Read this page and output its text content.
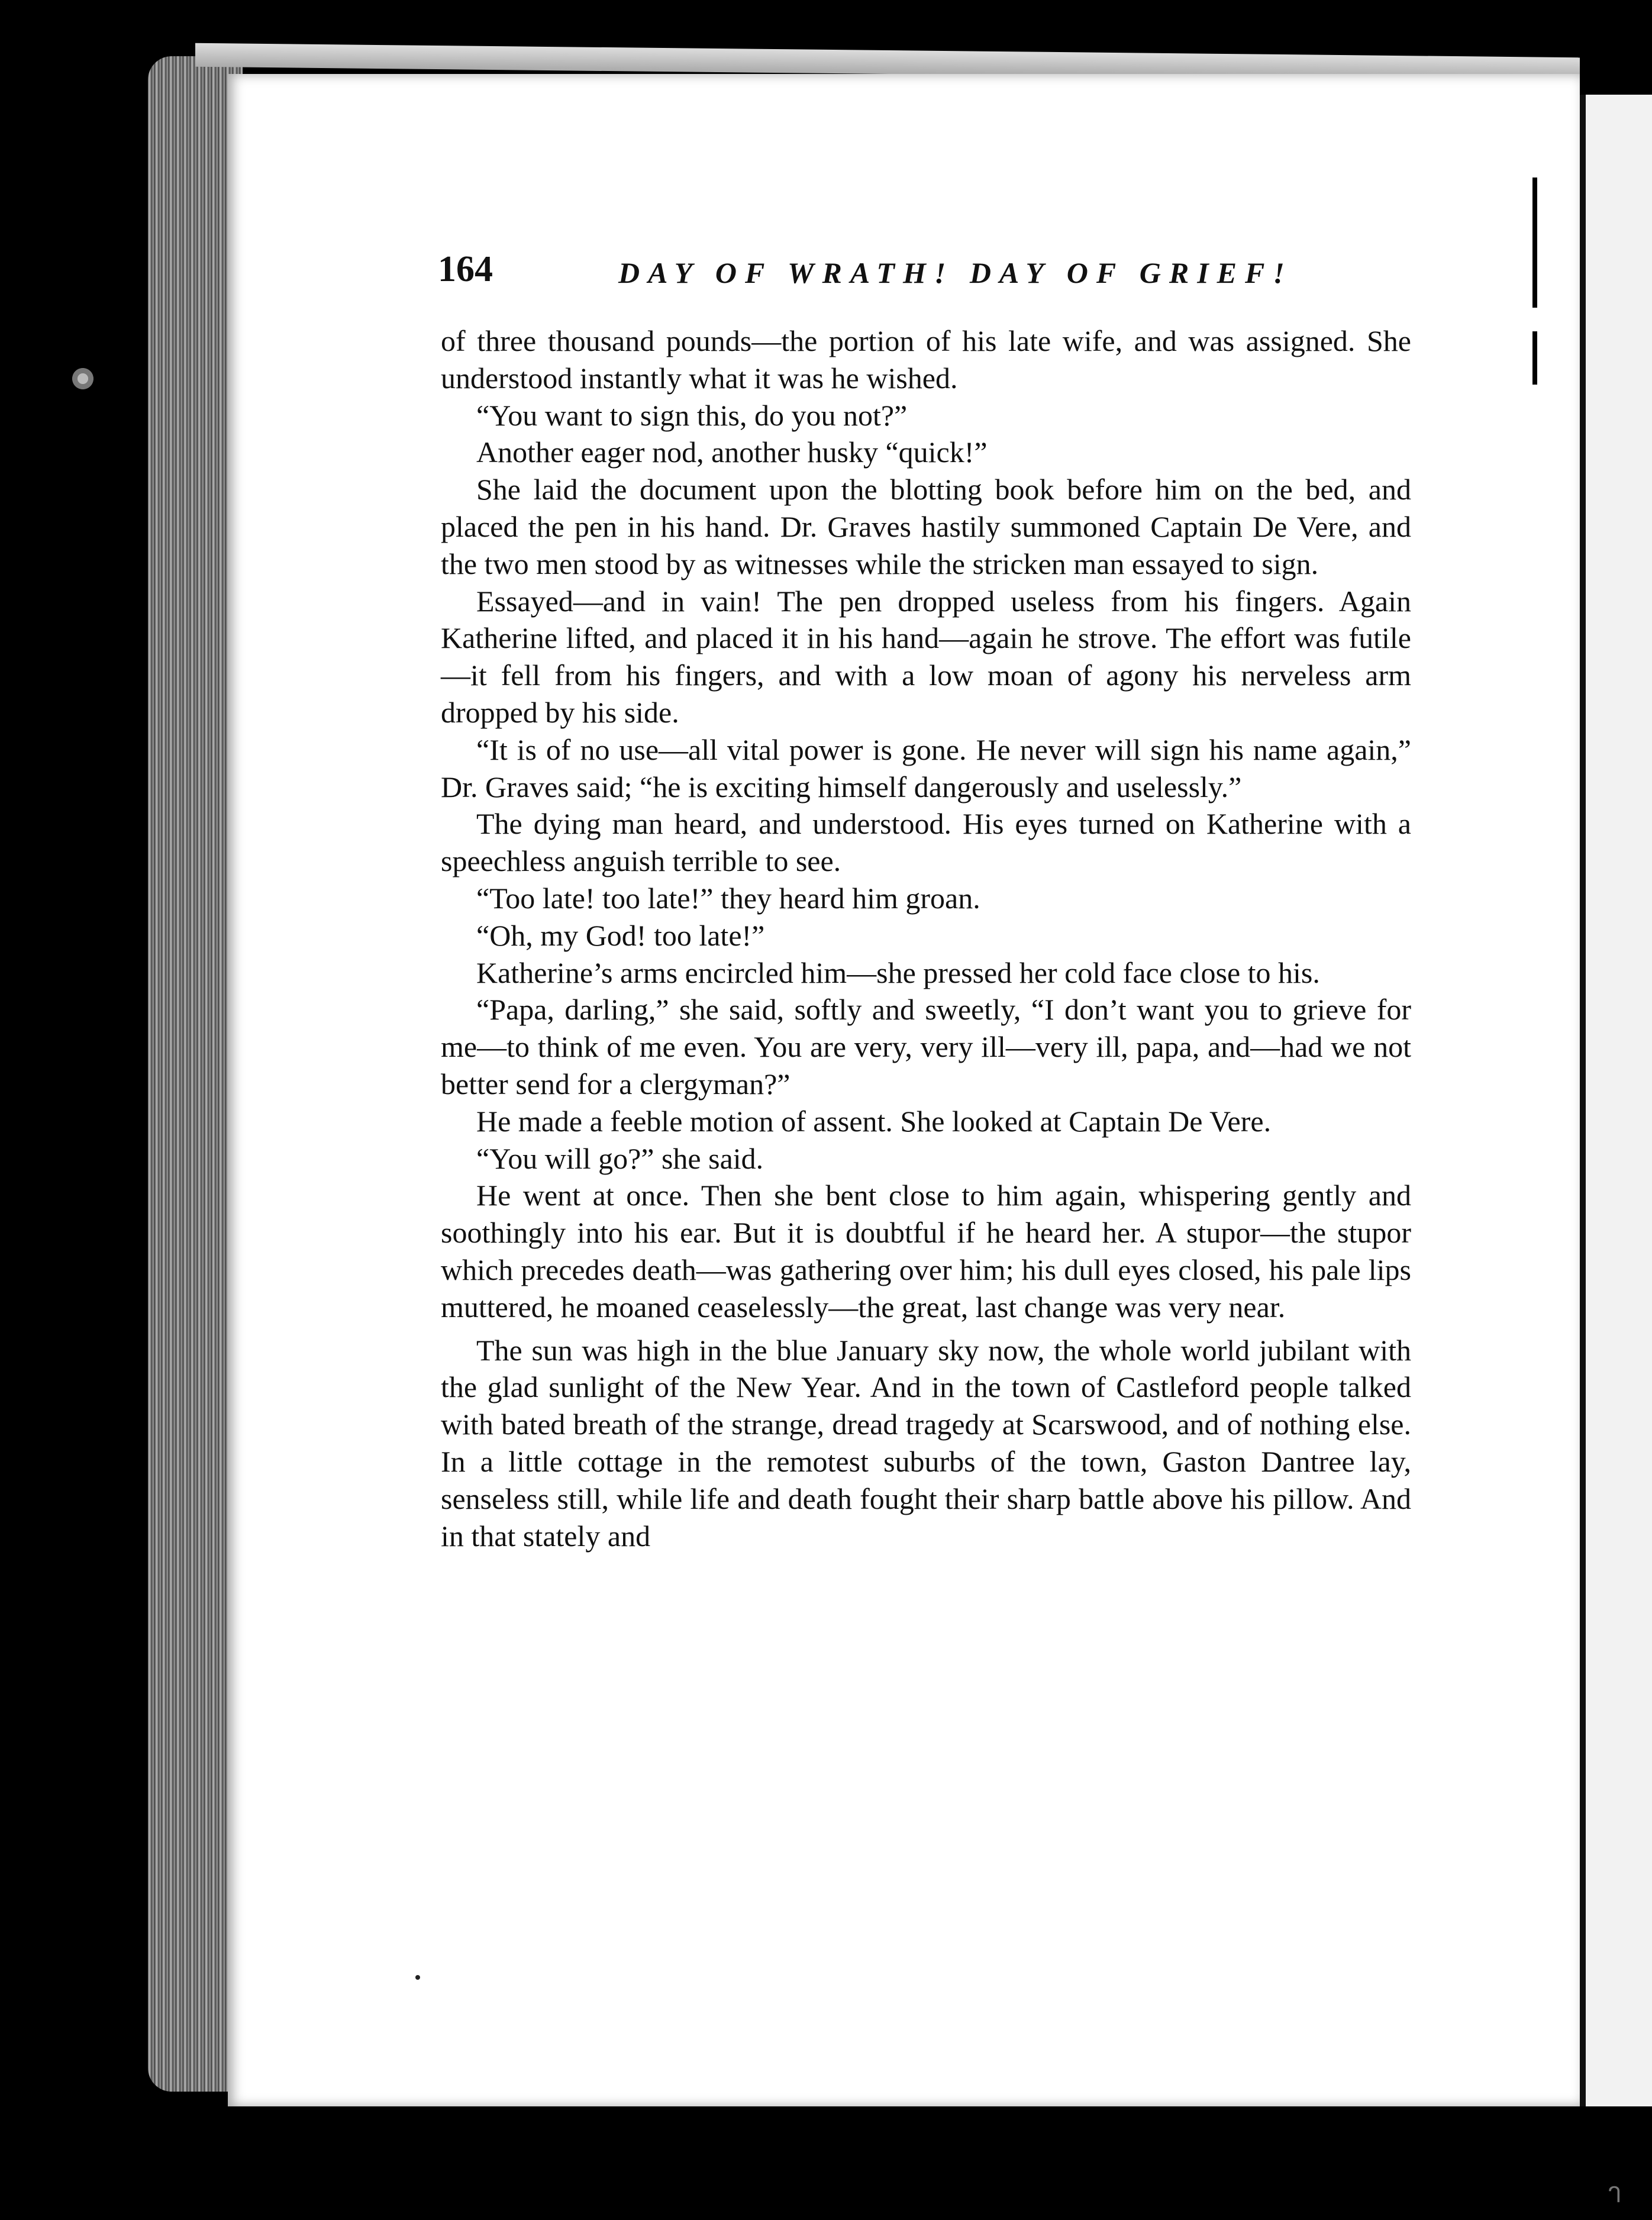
164	DAY OF WRATH! DAY OF GRIEF!

of three thousand pounds—the portion of his late wife, and was assigned. She understood instantly what it was he wished.

“You want to sign this, do you not?”

Another eager nod, another husky “quick!”

She laid the document upon the blotting book before him on the bed, and placed the pen in his hand. Dr. Graves hastily summoned Captain De Vere, and the two men stood by as witnesses while the stricken man essayed to sign.

Essayed—and in vain! The pen dropped useless from his fingers. Again Katherine lifted, and placed it in his hand—again he strove. The effort was futile—it fell from his fingers, and with a low moan of agony his nerveless arm dropped by his side.

“It is of no use—all vital power is gone. He never will sign his name again,” Dr. Graves said; “he is exciting himself dangerously and uselessly.”

The dying man heard, and understood. His eyes turned on Katherine with a speechless anguish terrible to see.

“Too late! too late!” they heard him groan.

“Oh, my God! too late!”

Katherine’s arms encircled him—she pressed her cold face close to his.

“Papa, darling,” she said, softly and sweetly, “I don’t want you to grieve for me—to think of me even. You are very, very ill—very ill, papa, and—had we not better send for a clergyman?”

He made a feeble motion of assent. She looked at Captain De Vere.

“You will go?” she said.

He went at once. Then she bent close to him again, whispering gently and soothingly into his ear. But it is doubtful if he heard her. A stupor—the stupor which precedes death—was gathering over him; his dull eyes closed, his pale lips muttered, he moaned ceaselessly—the great, last change was very near.

The sun was high in the blue January sky now, the whole world jubilant with the glad sunlight of the New Year. And in the town of Castleford people talked with bated breath of the strange, dread tragedy at Scarswood, and of nothing else. In a little cottage in the remotest suburbs of the town, Gaston Dantree lay, senseless still, while life and death fought their sharp battle above his pillow. And in that stately and

ᒉ
